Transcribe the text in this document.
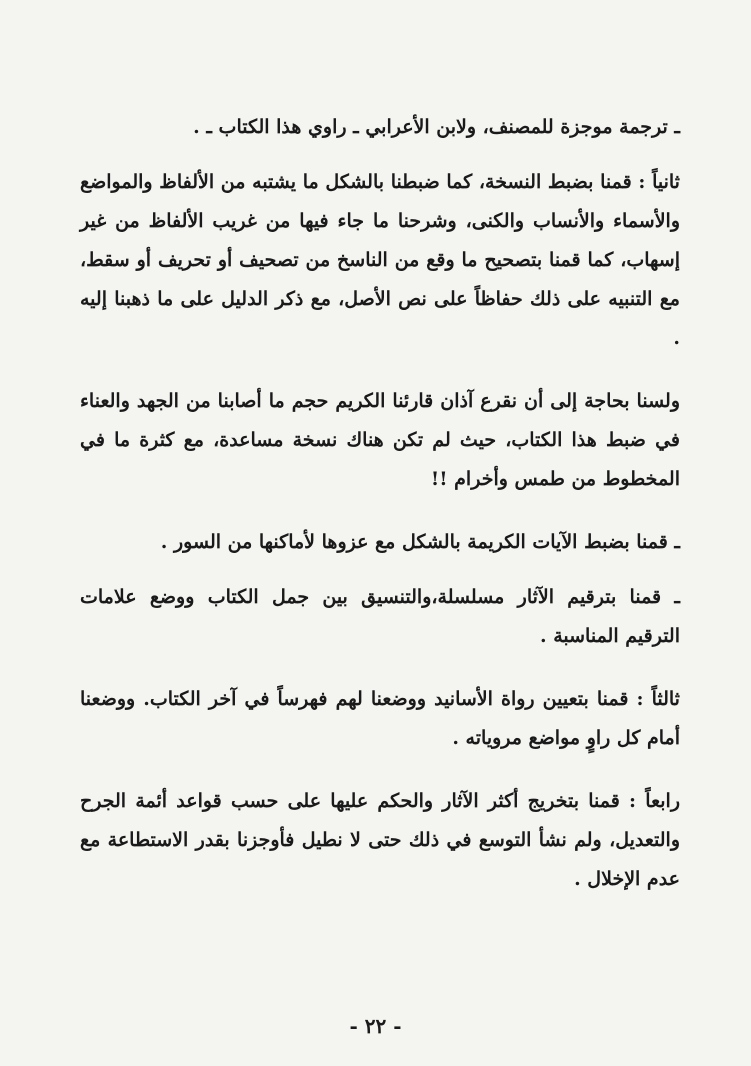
ـ ترجمة موجزة للمصنف، ولابن الأعرابي ـ راوي هذا الكتاب ـ .

ثانياً : قمنا بضبط النسخة، كما ضبطنا بالشكل ما يشتبه من الألفاظ والمواضع والأسماء والأنساب والكنى، وشرحنا ما جاء فيها من غريب الألفاظ من غير إسهاب، كما قمنا بتصحيح ما وقع من الناسخ من تصحيف أو تحريف أو سقط، مع التنبيه على ذلك حفاظاً على نص الأصل، مع ذكر الدليل على ما ذهبنا إليه .

ولسنا بحاجة إلى أن نقرع آذان قارئنا الكريم حجم ما أصابنا من الجهد والعناء في ضبط هذا الكتاب، حيث لم تكن هناك نسخة مساعدة، مع كثرة ما في المخطوط من طمس وأخرام !!

ـ قمنا بضبط الآيات الكريمة بالشكل مع عزوها لأماكنها من السور .

ـ قمنا بترقيم الآثار مسلسلة،والتنسيق بين جمل الكتاب ووضع علامات الترقيم المناسبة .

ثالثاً : قمنا بتعيين رواة الأسانيد ووضعنا لهم فهرساً في آخر الكتاب. ووضعنا أمام كل راوٍ مواضع مروياته .

رابعاً : قمنا بتخريج أكثر الآثار والحكم عليها على حسب قواعد أئمة الجرح والتعديل، ولم نشأ التوسع في ذلك حتى لا نطيل فأوجزنا بقدر الاستطاعة مع عدم الإخلال .

- ٢٢ -
